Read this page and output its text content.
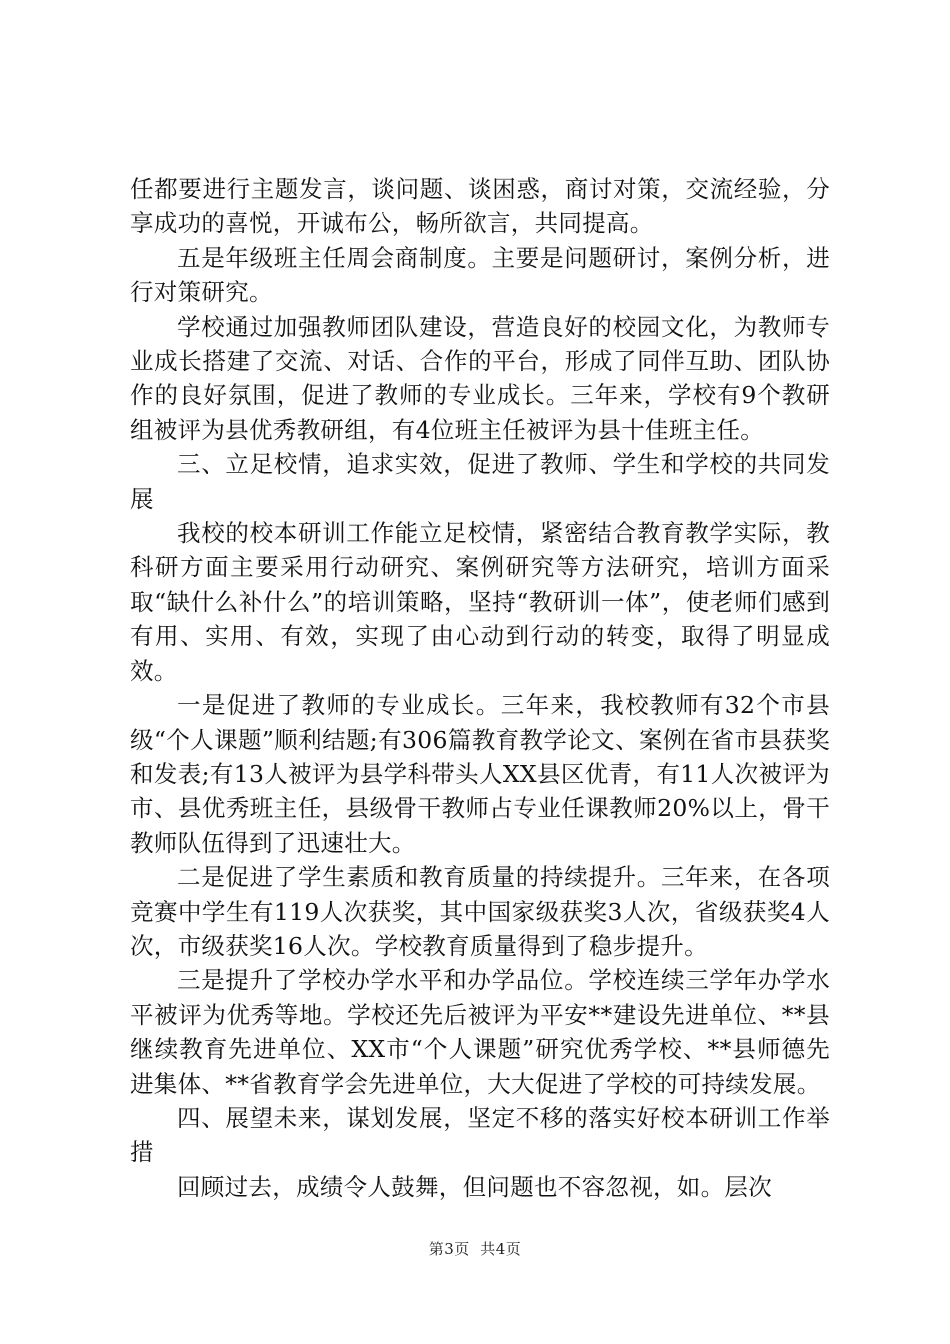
任都要进行主题发言，谈问题、谈困惑，商讨对策，交流经验，分享成功的喜悦，开诚布公，畅所欲言，共同提高。

五是年级班主任周会商制度。主要是问题研讨，案例分析，进行对策研究。

学校通过加强教师团队建设，营造良好的校园文化，为教师专业成长搭建了交流、对话、合作的平台，形成了同伴互助、团队协作的良好氛围，促进了教师的专业成长。三年来，学校有9个教研组被评为县优秀教研组，有4位班主任被评为县十佳班主任。

三、立足校情，追求实效，促进了教师、学生和学校的共同发展

我校的校本研训工作能立足校情，紧密结合教育教学实际，教科研方面主要采用行动研究、案例研究等方法研究，培训方面采取“缺什么补什么”的培训策略，坚持“教研训一体”，使老师们感到有用、实用、有效，实现了由心动到行动的转变，取得了明显成效。

一是促进了教师的专业成长。三年来，我校教师有32个市县级“个人课题”顺利结题;有306篇教育教学论文、案例在省市县获奖和发表;有13人被评为县学科带头人XX县区优青，有11人次被评为市、县优秀班主任，县级骨干教师占专业任课教师20%以上，骨干教师队伍得到了迅速壮大。

二是促进了学生素质和教育质量的持续提升。三年来，在各项竞赛中学生有119人次获奖，其中国家级获奖3人次，省级获奖4人次，市级获奖16人次。学校教育质量得到了稳步提升。

三是提升了学校办学水平和办学品位。学校连续三学年办学水平被评为优秀等地。学校还先后被评为平安**建设先进单位、**县继续教育先进单位、XX市“个人课题”研究优秀学校、**县师德先进集体、**省教育学会先进单位，大大促进了学校的可持续发展。

四、展望未来，谋划发展，坚定不移的落实好校本研训工作举措

回顾过去，成绩令人鼓舞，但问题也不容忽视，如。层次

第3页  共4页
